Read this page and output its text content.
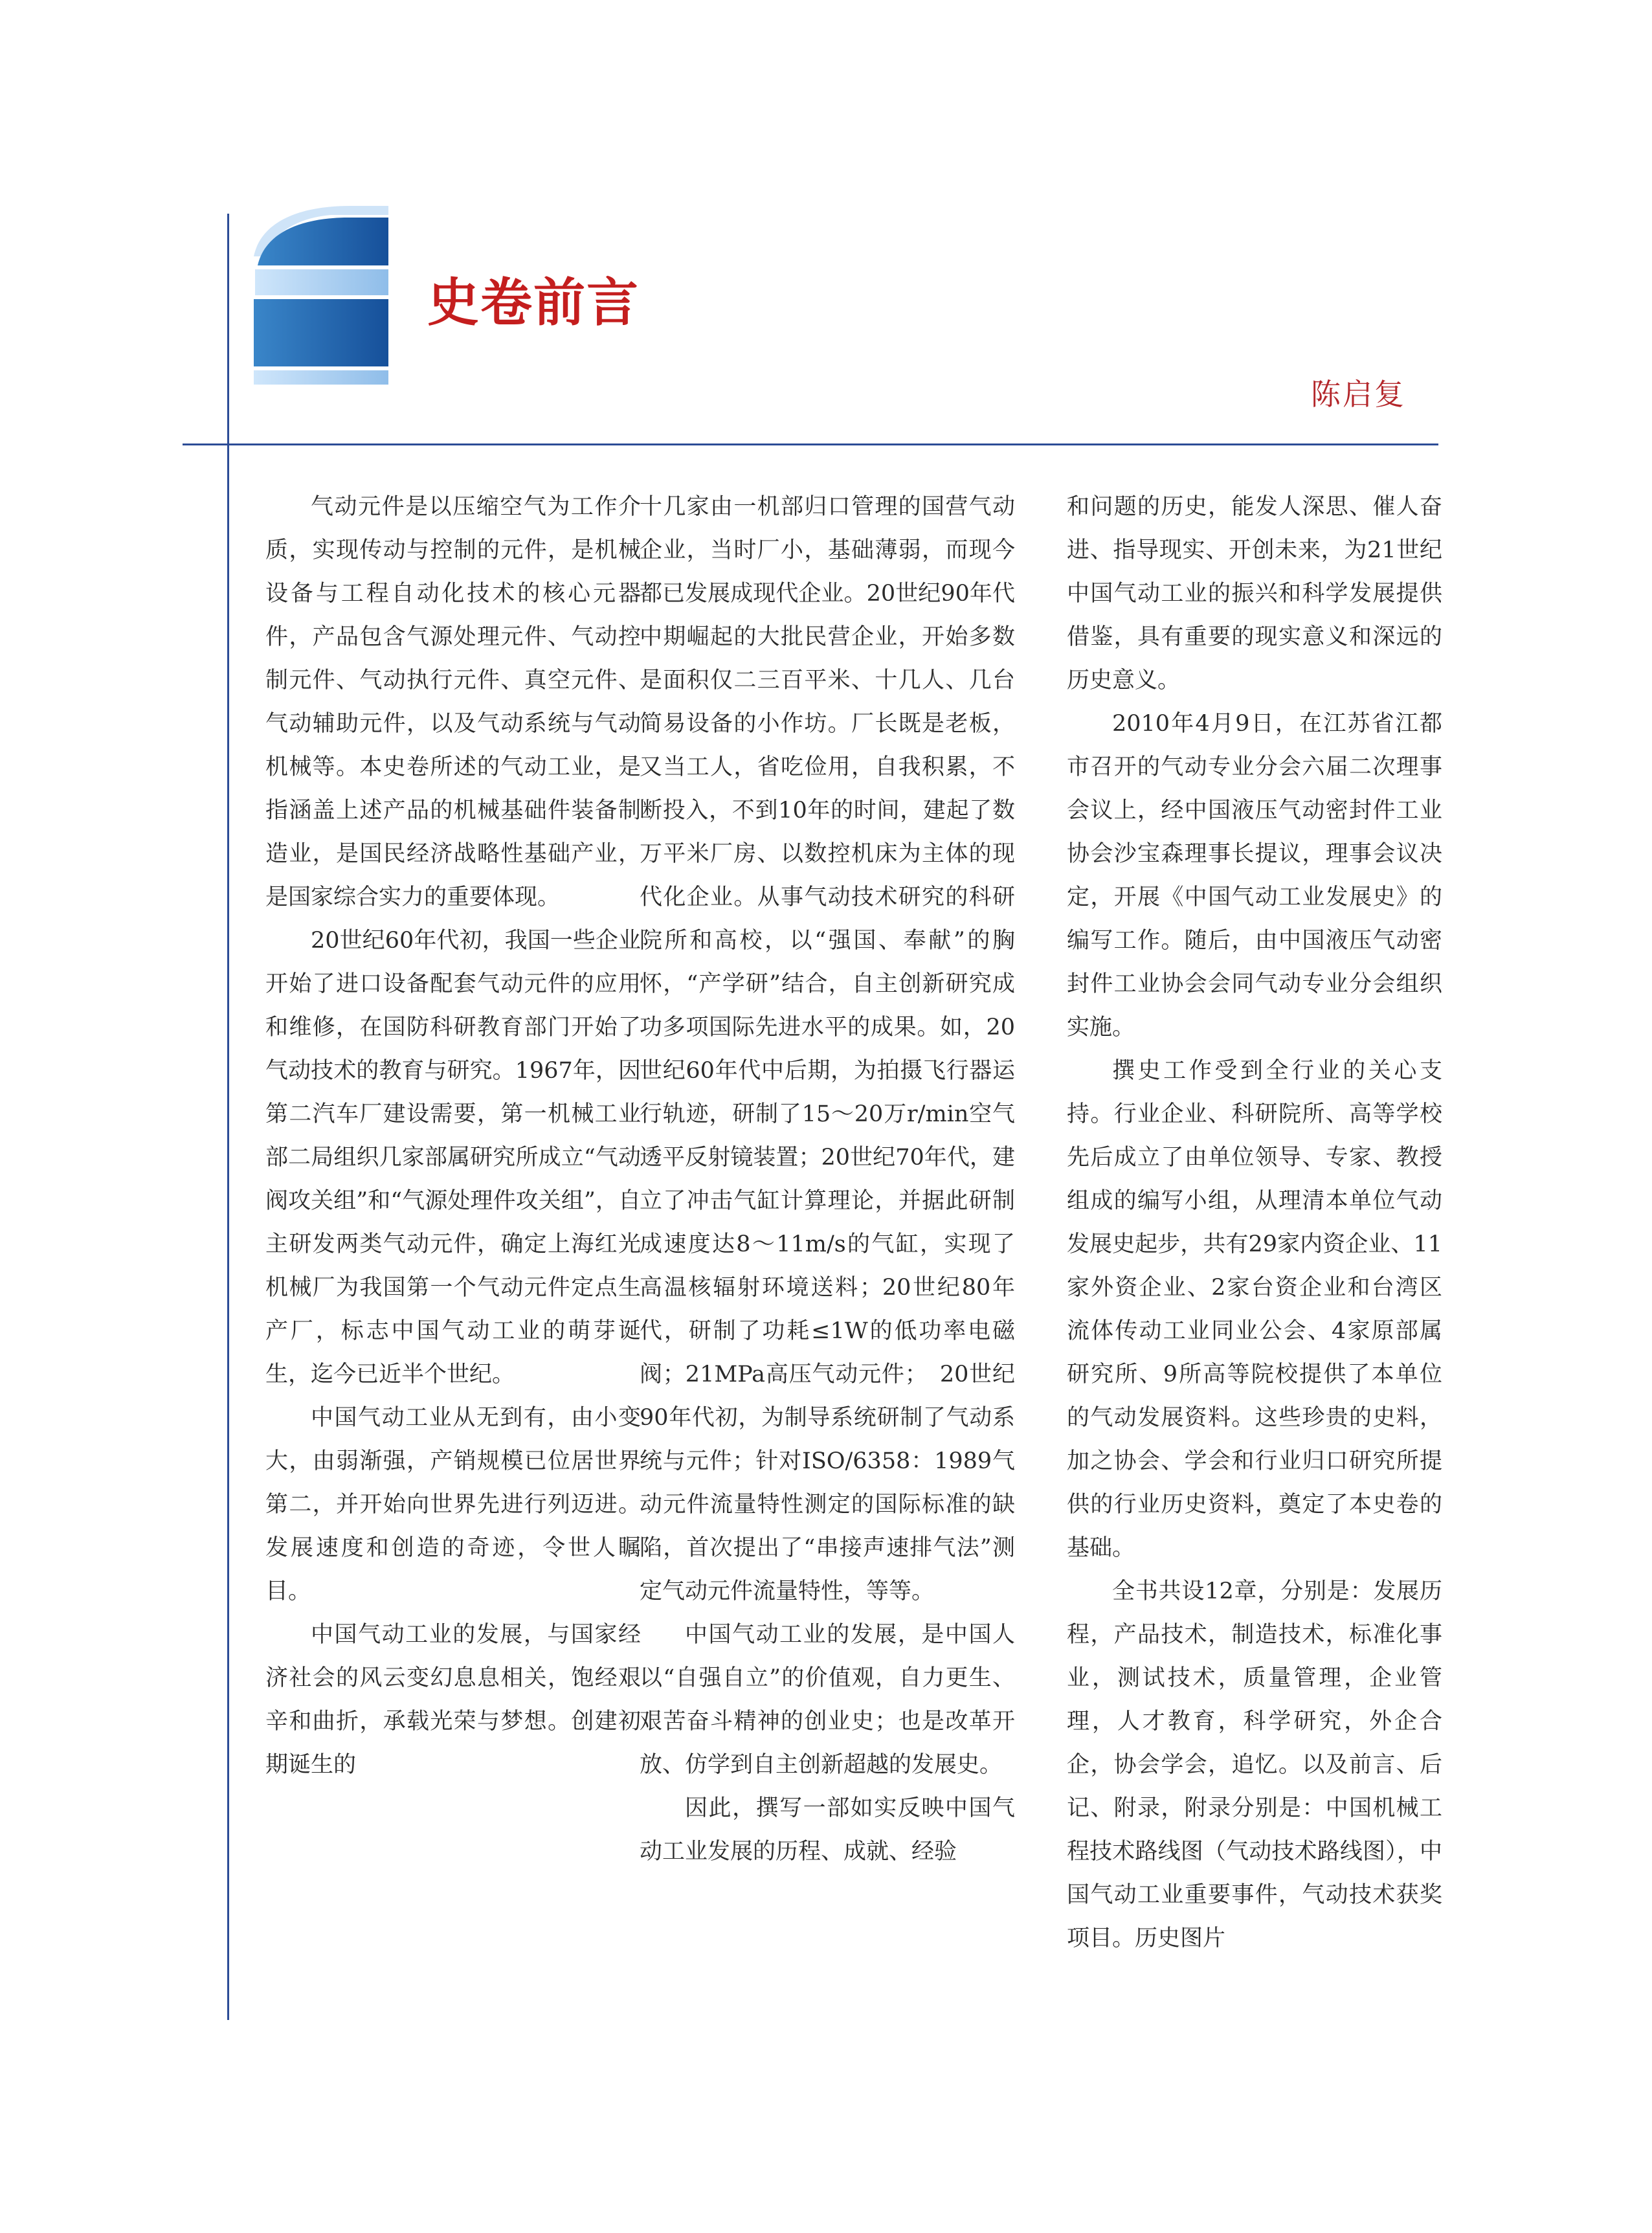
史卷前言
陈启复

气动元件是以压缩空气为工作介质，实现传动与控制的元件，是机械设备与工程自动化技术的核心元器件，产品包含气源处理元件、气动控制元件、气动执行元件、真空元件、气动辅助元件，以及气动系统与气动机械等。本史卷所述的气动工业，是指涵盖上述产品的机械基础件装备制造业，是国民经济战略性基础产业，是国家综合实力的重要体现。

20世纪60年代初，我国一些企业开始了进口设备配套气动元件的应用和维修，在国防科研教育部门开始了气动技术的教育与研究。1967年，因第二汽车厂建设需要，第一机械工业部二局组织几家部属研究所成立“气动阀攻关组”和“气源处理件攻关组”，自主研发两类气动元件，确定上海红光机械厂为我国第一个气动元件定点生产厂，标志中国气动工业的萌芽诞生，迄今已近半个世纪。

中国气动工业从无到有，由小变大，由弱渐强，产销规模已位居世界第二，并开始向世界先进行列迈进。发展速度和创造的奇迹，令世人瞩目。

中国气动工业的发展，与国家经济社会的风云变幻息息相关，饱经艰辛和曲折，承载光荣与梦想。创建初期诞生的

十几家由一机部归口管理的国营气动企业，当时厂小，基础薄弱，而现今都已发展成现代企业。20世纪90年代中期崛起的大批民营企业，开始多数是面积仅二三百平米、十几人、几台简易设备的小作坊。厂长既是老板，又当工人，省吃俭用，自我积累，不断投入，不到10年的时间，建起了数万平米厂房、以数控机床为主体的现代化企业。从事气动技术研究的科研院所和高校，以“强国、奉献”的胸怀，“产学研”结合，自主创新研究成功多项国际先进水平的成果。如，20世纪60年代中后期，为拍摄飞行器运行轨迹，研制了15～20万r/min空气透平反射镜装置；20世纪70年代，建立了冲击气缸计算理论，并据此研制成速度达8～11m/s的气缸，实现了高温核辐射环境送料；20世纪80年代，研制了功耗≤1W的低功率电磁阀；21MPa高压气动元件；　20世纪90年代初，为制导系统研制了气动系统与元件；针对ISO/6358：1989气动元件流量特性测定的国际标准的缺陷，首次提出了“串接声速排气法”测定气动元件流量特性，等等。

中国气动工业的发展，是中国人以“自强自立”的价值观，自力更生、艰苦奋斗精神的创业史；也是改革开放、仿学到自主创新超越的发展史。

因此，撰写一部如实反映中国气动工业发展的历程、成就、经验

和问题的历史，能发人深思、催人奋进、指导现实、开创未来，为21世纪中国气动工业的振兴和科学发展提供借鉴，具有重要的现实意义和深远的历史意义。

2010年4月9日，在江苏省江都市召开的气动专业分会六届二次理事会议上，经中国液压气动密封件工业协会沙宝森理事长提议，理事会议决定，开展《中国气动工业发展史》的编写工作。随后，由中国液压气动密封件工业协会会同气动专业分会组织实施。

撰史工作受到全行业的关心支持。行业企业、科研院所、高等学校先后成立了由单位领导、专家、教授组成的编写小组，从理清本单位气动发展史起步，共有29家内资企业、11家外资企业、2家台资企业和台湾区流体传动工业同业公会、4家原部属研究所、9所高等院校提供了本单位的气动发展资料。这些珍贵的史料，加之协会、学会和行业归口研究所提供的行业历史资料，奠定了本史卷的基础。

全书共设12章，分别是：发展历程，产品技术，制造技术，标准化事业，测试技术，质量管理，企业管理，人才教育，科学研究，外企合企，协会学会，追忆。以及前言、后记、附录，附录分别是：中国机械工程技术路线图（气动技术路线图），中国气动工业重要事件，气动技术获奖项目。历史图片
